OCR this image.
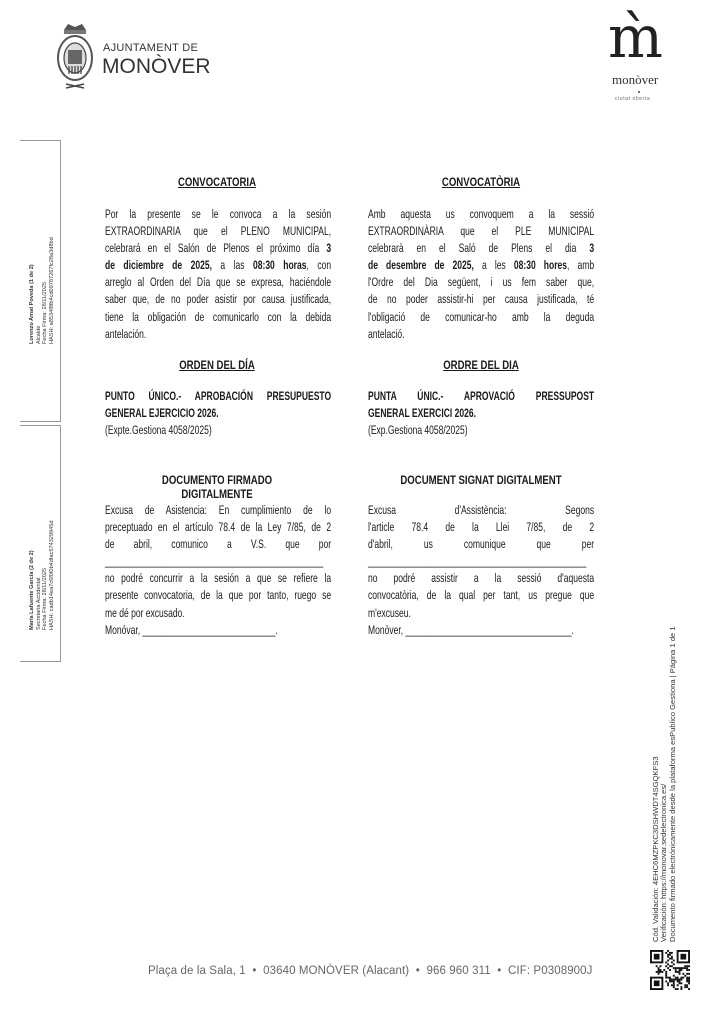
AJUNTAMENT DE
MONÒVER	m̀
monòver
ciutat oberta
Lorenzo Amat Poveda (1 de 2) Alcalde Fecha Firma: 28/11/2025 HASH: a8534f8fb4cd09787267fc28a3d8bd
María Lafuente García (2 de 2) Secretaria Accidental Fecha Firma: 28/11/2025 HASH: cadb14ea7c6f0f0b4dfac574329945d
CONVOCATORIA	CONVOCATÒRIA
ORDEN DEL DÍA	ORDRE DEL DIA
DOCUMENTO FIRMADO DIGITALMENTE
DOCUMENT SIGNAT DIGITALMENT
Por la presente se le convoca a la sesión
EXTRAORDINARIA que el PLENO MUNICIPAL,
celebrará en el Salón de Plenos el próximo día 3
de diciembre de 2025, a las 08:30 horas, con
arreglo al Orden del Día que se expresa, haciéndole
saber que, de no poder asistir por causa justificada,
tiene la obligación de comunicarlo con la debida
antelación.
Amb aquesta us convoquem a la sessió
EXTRAORDINÀRIA que el PLE MUNICIPAL
celebrarà en el Saló de Plens el dia 3
de desembre de 2025, a les 08:30 hores, amb
l'Ordre del Dia següent, i us fem saber que,
de no poder assistir-hi per causa justificada, té
l'obligació de comunicar-ho amb la deguda
antelació.
PUNTO ÚNICO.- APROBACIÓN PRESUPUESTO
GENERAL EJERCICIO 2026.
(Expte.Gestiona 4058/2025)
PUNTA ÚNIC.- APROVACIÓ PRESSUPOST
GENERAL EXERCICI 2026.
(Exp.Gestiona 4058/2025)
Excusa de Asistencia: En cumplimiento de lo
preceptuado en el artículo 78.4 de la Ley 7/85, de 2
de abril, comunico a V.S. que por
______________________________________________
no podré concurrir a la sesión a que se refiere la
presente convocatoria, de la que por tanto, ruego se
me dé por excusado.
Monóvar, ____________________________.
Excusa d'Assistència: Segons
l'article 78.4 de la Llei 7/85, de 2
d'abril, us comunique que per
______________________________________________
no podré assistir a la sessió d'aquesta
convocatòria, de la qual per tant, us pregue que
m'excuseu.
Monòver, ___________________________________.
Cód. Validación: 4EHC6MZPKC3DSHWDT4SGQKFS3 Verificación: https://monovar.sedelectronica.es/ Documento firmado electrónicamente desde la plataforma esPublico Gestiona | Página 1 de 1
Plaça de la Sala, 1  •  03640 MONÒVER (Alacant)  •  966 960 311  •  CIF: P0308900J
